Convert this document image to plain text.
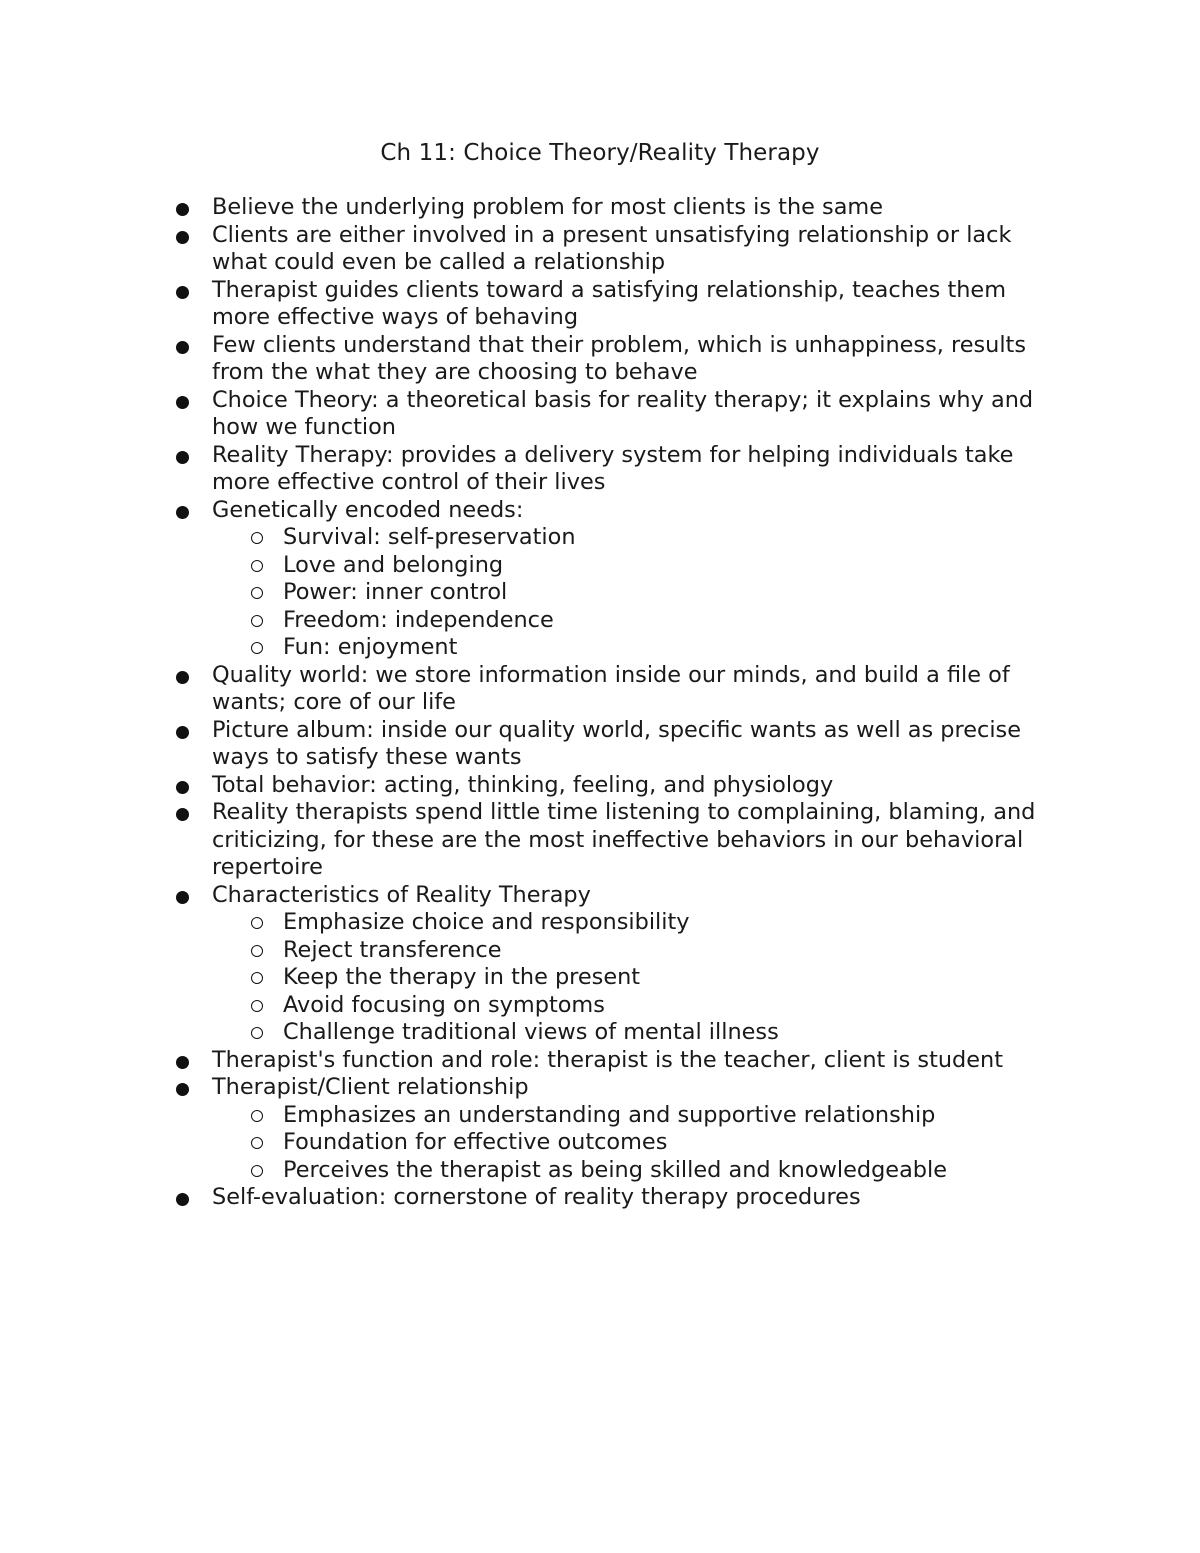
Ch 11: Choice Theory/Reality Therapy
Believe the underlying problem for most clients is the same
Clients are either involved in a present unsatisfying relationship or lack what could even be called a relationship
Therapist guides clients toward a satisfying relationship, teaches them more effective ways of behaving
Few clients understand that their problem, which is unhappiness, results from the what they are choosing to behave
Choice Theory: a theoretical basis for reality therapy; it explains why and how we function
Reality Therapy: provides a delivery system for helping individuals take more effective control of their lives
Genetically encoded needs:
Survival: self-preservation
Love and belonging
Power: inner control
Freedom: independence
Fun: enjoyment
Quality world: we store information inside our minds, and build a file of wants; core of our life
Picture album: inside our quality world, specific wants as well as precise ways to satisfy these wants
Total behavior: acting, thinking, feeling, and physiology
Reality therapists spend little time listening to complaining, blaming, and criticizing, for these are the most ineffective behaviors in our behavioral repertoire
Characteristics of Reality Therapy
Emphasize choice and responsibility
Reject transference
Keep the therapy in the present
Avoid focusing on symptoms
Challenge traditional views of mental illness
Therapist's function and role: therapist is the teacher, client is student
Therapist/Client relationship
Emphasizes an understanding and supportive relationship
Foundation for effective outcomes
Perceives the therapist as being skilled and knowledgeable
Self-evaluation: cornerstone of reality therapy procedures
